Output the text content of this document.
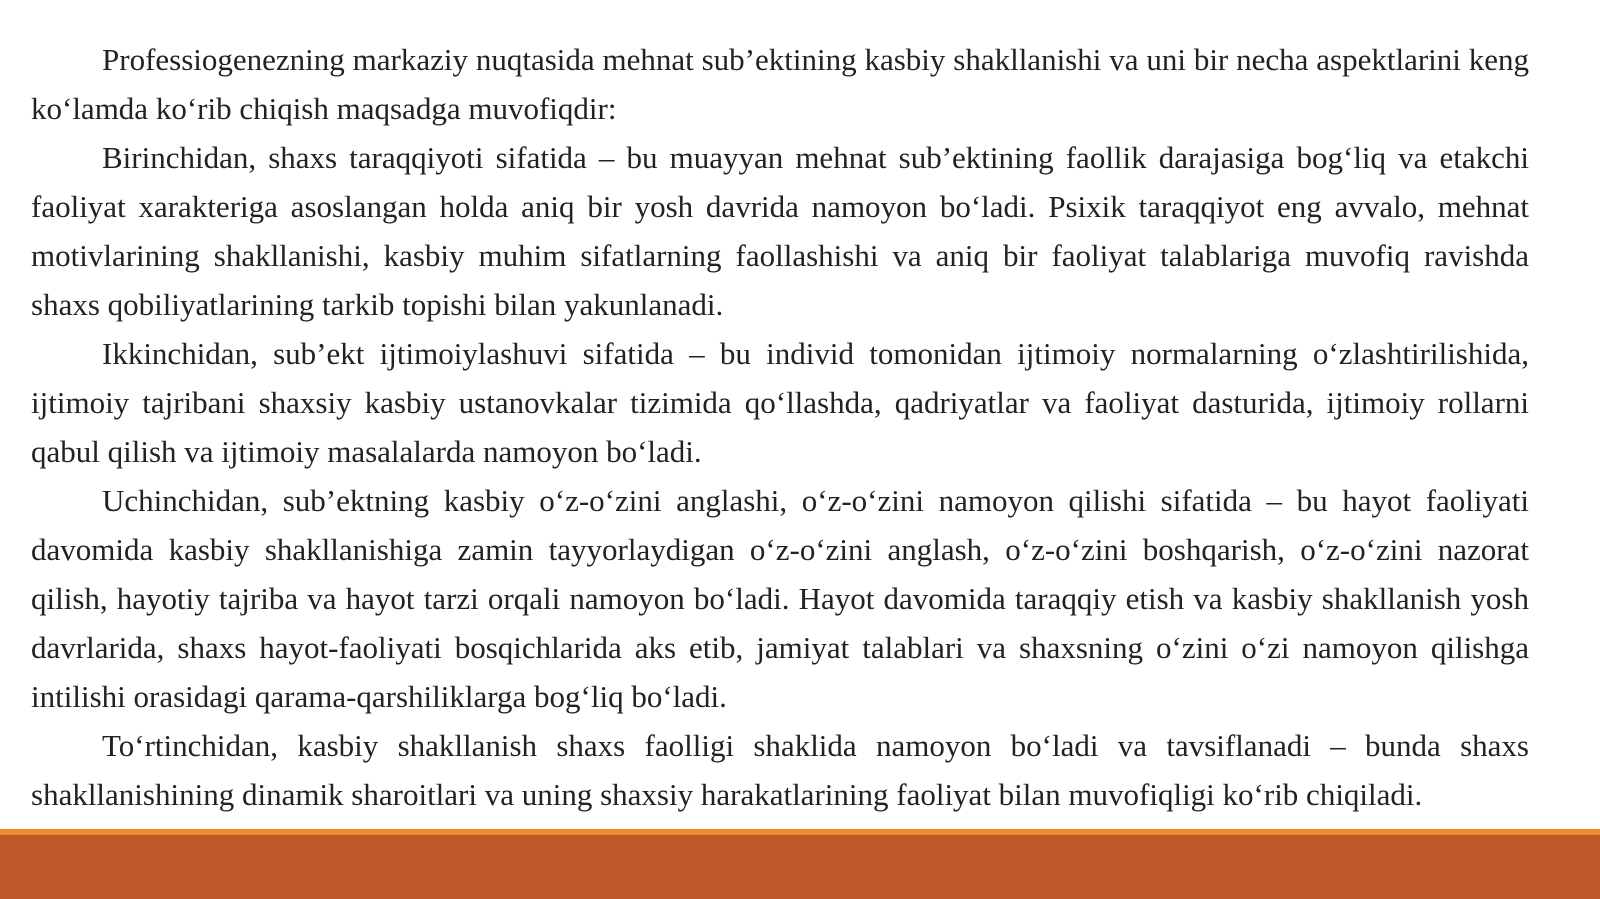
Professiogenezning markaziy nuqtasida mehnat sub’ektining kasbiy shakllanishi va uni bir necha aspektlarini keng koʻlamda koʻrib chiqish maqsadga muvofiqdir:

Birinchidan, shaxs taraqqiyoti sifatida – bu muayyan mehnat sub’ektining faollik darajasiga bogʻliq va etakchi faoliyat xarakteriga asoslangan holda aniq bir yosh davrida namoyon boʻladi. Psixik taraqqiyot eng avvalo, mehnat motivlarining shakllanishi, kasbiy muhim sifatlarning faollashishi va aniq bir faoliyat talablariga muvofiq ravishda shaxs qobiliyatlarining tarkib topishi bilan yakunlanadi.

Ikkinchidan, sub’ekt ijtimoiylashuvi sifatida – bu individ tomonidan ijtimoiy normalarning oʻzlashtirilishida, ijtimoiy tajribani shaxsiy kasbiy ustanovkalar tizimida qoʻllashda, qadriyatlar va faoliyat dasturida, ijtimoiy rollarni qabul qilish va ijtimoiy masalalarda namoyon boʻladi.

Uchinchidan, sub’ektning kasbiy oʻz-oʻzini anglashi, oʻz-oʻzini namoyon qilishi sifatida – bu hayot faoliyati davomida kasbiy shakllanishiga zamin tayyorlaydigan oʻz-oʻzini anglash, oʻz-oʻzini boshqarish, oʻz-oʻzini nazorat qilish, hayotiy tajriba va hayot tarzi orqali namoyon boʻladi. Hayot davomida taraqqiy etish va kasbiy shakllanish yosh davrlarida, shaxs hayot-faoliyati bosqichlarida aks etib, jamiyat talablari va shaxsning oʻzini oʻzi namoyon qilishga intilishi orasidagi qarama-qarshiliklarga bogʻliq boʻladi.

Toʻrtinchidan, kasbiy shakllanish shaxs faolligi shaklida namoyon boʻladi va tavsiflanadi – bunda shaxs shakllanishining dinamik sharoitlari va uning shaxsiy harakatlarining faoliyat bilan muvofiqligi koʻrib chiqiladi.
